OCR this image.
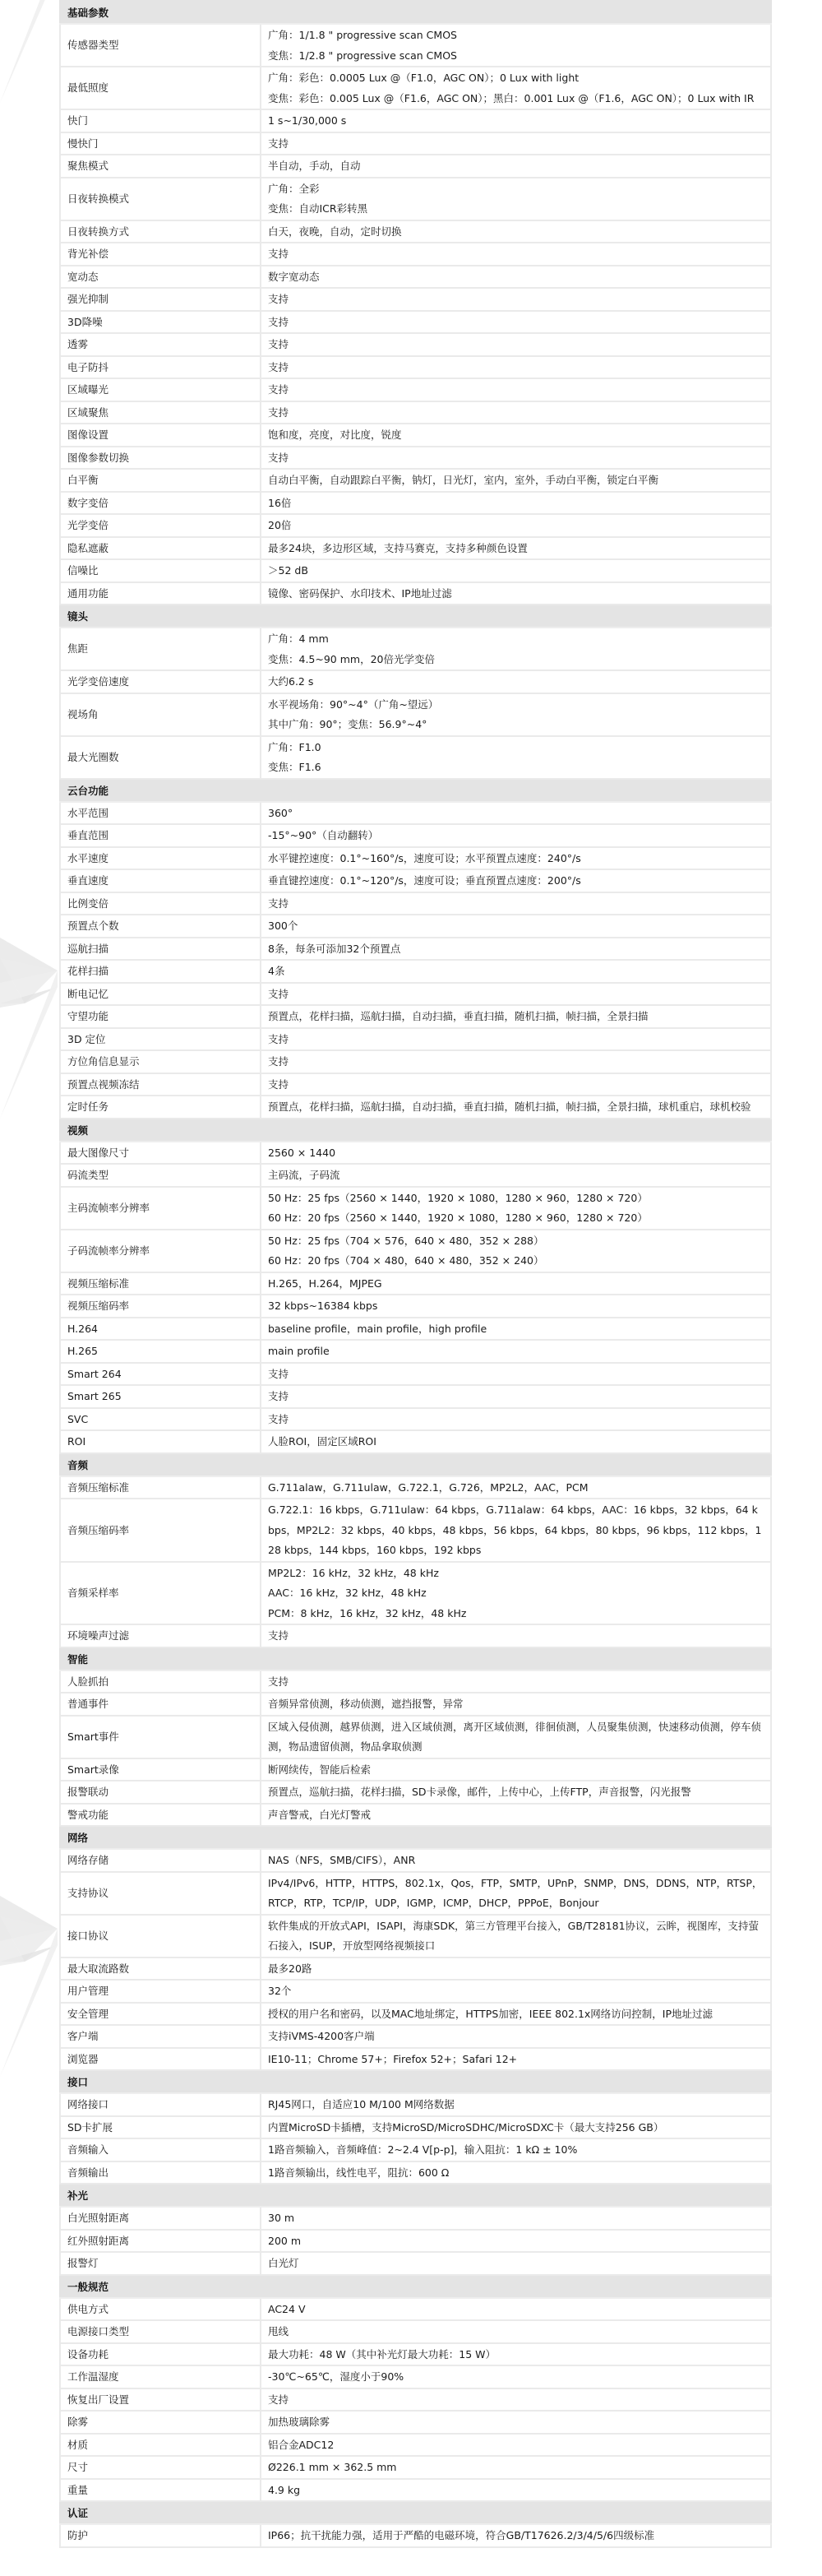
基础参数	
传感器类型	广角：1/1.8 " progressive scan CMOS
变焦：1/2.8 " progressive scan CMOS

最低照度	广角：彩色：0.0005 Lux @（F1.0，AGC ON）；0 Lux with light
变焦：彩色：0.005 Lux @（F1.6，AGC ON）；黑白：0.001 Lux @（F1.6，AGC ON）；0 Lux with IR

快门	1 s~1/30,000 s

慢快门	支持

聚焦模式	半自动，手动，自动

日夜转换模式	广角：全彩
变焦：自动ICR彩转黑

日夜转换方式	白天，夜晚，自动，定时切换

背光补偿	支持

宽动态	数字宽动态

强光抑制	支持

3D降噪	支持

透雾	支持

电子防抖	支持

区域曝光	支持

区域聚焦	支持

图像设置	饱和度，亮度，对比度，锐度

图像参数切换	支持

白平衡	自动白平衡，自动跟踪白平衡，钠灯，日光灯，室内，室外，手动白平衡，锁定白平衡

数字变倍	16倍

光学变倍	20倍

隐私遮蔽	最多24块，多边形区域，支持马赛克，支持多种颜色设置

信噪比	＞52 dB

通用功能	镜像、密码保护、水印技术、IP地址过滤

镜头	
焦距	广角：4 mm
变焦：4.5~90 mm，20倍光学变倍

光学变倍速度	大约6.2 s

视场角	水平视场角：90°~4°（广角~望远）
其中广角：90°；变焦：56.9°~4°

最大光圈数	广角：F1.0
变焦：F1.6

云台功能	
水平范围	360°

垂直范围	-15°~90°（自动翻转）

水平速度	水平键控速度：0.1°~160°/s，速度可设；水平预置点速度：240°/s

垂直速度	垂直键控速度：0.1°~120°/s，速度可设；垂直预置点速度：200°/s

比例变倍	支持

预置点个数	300个

巡航扫描	8条，每条可添加32个预置点

花样扫描	4条

断电记忆	支持

守望功能	预置点，花样扫描，巡航扫描，自动扫描，垂直扫描，随机扫描，帧扫描，全景扫描

3D 定位	支持

方位角信息显示	支持

预置点视频冻结	支持

定时任务	预置点，花样扫描，巡航扫描，自动扫描，垂直扫描，随机扫描，帧扫描，全景扫描，球机重启，球机校验

视频	
最大图像尺寸	2560 × 1440

码流类型	主码流，子码流

主码流帧率分辨率	50 Hz：25 fps（2560 × 1440，1920 × 1080，1280 × 960，1280 × 720）
60 Hz：20 fps（2560 × 1440，1920 × 1080，1280 × 960，1280 × 720）

子码流帧率分辨率	50 Hz：25 fps（704 × 576，640 × 480，352 × 288）
60 Hz：20 fps（704 × 480，640 × 480，352 × 240）

视频压缩标准	H.265，H.264，MJPEG

视频压缩码率	32 kbps~16384 kbps

H.264	baseline profile，main profile，high profile

H.265	main profile

Smart 264	支持

Smart 265	支持

SVC	支持

ROI	人脸ROI，固定区域ROI

音频	
音频压缩标准	G.711alaw，G.711ulaw，G.722.1，G.726，MP2L2，AAC，PCM

音频压缩码率	G.722.1：16 kbps，G.711ulaw：64 kbps，G.711alaw：64 kbps，AAC：16 kbps，32 kbps，64 kbps，MP2L2：32 kbps，40 kbps，48 kbps，56 kbps，64 kbps，80 kbps，96 kbps，112 kbps，128 kbps，144 kbps，160 kbps，192 kbps

音频采样率	MP2L2：16 kHz，32 kHz，48 kHz
AAC：16 kHz，32 kHz，48 kHz
PCM：8 kHz，16 kHz，32 kHz，48 kHz

环境噪声过滤	支持

智能	
人脸抓拍	支持

普通事件	音频异常侦测，移动侦测，遮挡报警，异常

Smart事件	区域入侵侦测，越界侦测，进入区域侦测，离开区域侦测，徘徊侦测，人员聚集侦测，快速移动侦测，停车侦测，物品遗留侦测，物品拿取侦测

Smart录像	断网续传，智能后检索

报警联动	预置点，巡航扫描，花样扫描，SD卡录像，邮件，上传中心，上传FTP，声音报警，闪光报警

警戒功能	声音警戒，白光灯警戒

网络	
网络存储	NAS（NFS，SMB/CIFS），ANR

支持协议	IPv4/IPv6，HTTP，HTTPS，802.1x，Qos，FTP，SMTP，UPnP，SNMP，DNS，DDNS，NTP，RTSP，RTCP，RTP，TCP/IP，UDP，IGMP，ICMP，DHCP，PPPoE，Bonjour

接口协议	软件集成的开放式API，ISAPI，海康SDK，第三方管理平台接入，GB/T28181协议，云眸，视图库，支持萤石接入，ISUP，开放型网络视频接口

最大取流路数	最多20路

用户管理	32个

安全管理	授权的用户名和密码，以及MAC地址绑定，HTTPS加密，IEEE 802.1x网络访问控制，IP地址过滤

客户端	支持iVMS-4200客户端

浏览器	IE10-11；Chrome 57+；Firefox 52+；Safari 12+

接口	
网络接口	RJ45网口，自适应10 M/100 M网络数据

SD卡扩展	内置MicroSD卡插槽，支持MicroSD/MicroSDHC/MicroSDXC卡（最大支持256 GB）

音频输入	1路音频输入，音频峰值：2~2.4 V[p-p]，输入阻抗：1 kΩ ± 10%

音频输出	1路音频输出，线性电平，阻抗：600 Ω

补光	
白光照射距离	30 m

红外照射距离	200 m

报警灯	白光灯

一般规范	
供电方式	AC24 V

电源接口类型	甩线

设备功耗	最大功耗：48 W（其中补光灯最大功耗：15 W）

工作温湿度	-30℃~65℃，湿度小于90%

恢复出厂设置	支持

除雾	加热玻璃除雾

材质	铝合金ADC12

尺寸	Ø226.1 mm × 362.5 mm

重量	4.9 kg

认证	
防护	IP66；抗干扰能力强，适用于严酷的电磁环境，符合GB/T17626.2/3/4/5/6四级标准
